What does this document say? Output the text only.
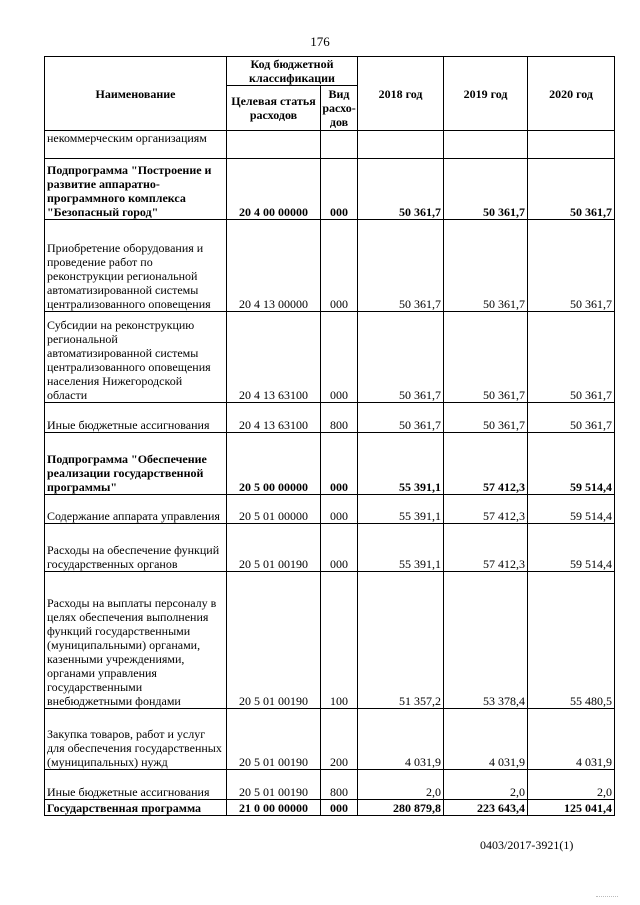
176
Наименование	Код бюджетной классификации		2018 год	2019 год	2020 год
	Целевая статья расходов	Вид расхо-дов			
некоммерческим организациям					
Подпрограмма "Построение и развитие аппаратно-программного комплекса "Безопасный город"	20 4 00 00000	000	50 361,7	50 361,7	50 361,7
Приобретение оборудования и проведение работ по реконструкции региональной автоматизированной системы централизованного оповещения	20 4 13 00000	000	50 361,7	50 361,7	50 361,7
Субсидии на реконструкцию региональной автоматизированной системы централизованного оповещения населения Нижегородской области	20 4 13 63100	000	50 361,7	50 361,7	50 361,7
Иные бюджетные ассигнования	20 4 13 63100	800	50 361,7	50 361,7	50 361,7
Подпрограмма "Обеспечение реализации государственной программы"	20 5 00 00000	000	55 391,1	57 412,3	59 514,4
Содержание аппарата управления	20 5 01 00000	000	55 391,1	57 412,3	59 514,4
Расходы на обеспечение функций государственных органов	20 5 01 00190	000	55 391,1	57 412,3	59 514,4
Расходы на выплаты персоналу в целях обеспечения выполнения функций государственными (муниципальными) органами, казенными учреждениями, органами управления государственными внебюджетными фондами	20 5 01 00190	100	51 357,2	53 378,4	55 480,5
Закупка товаров, работ и услуг для обеспечения государственных (муниципальных) нужд	20 5 01 00190	200	4 031,9	4 031,9	4 031,9
Иные бюджетные ассигнования	20 5 01 00190	800	2,0	2,0	2,0
Государственная программа	21 0 00 00000	000	280 879,8	223 643,4	125 041,4
0403/2017-3921(1)
